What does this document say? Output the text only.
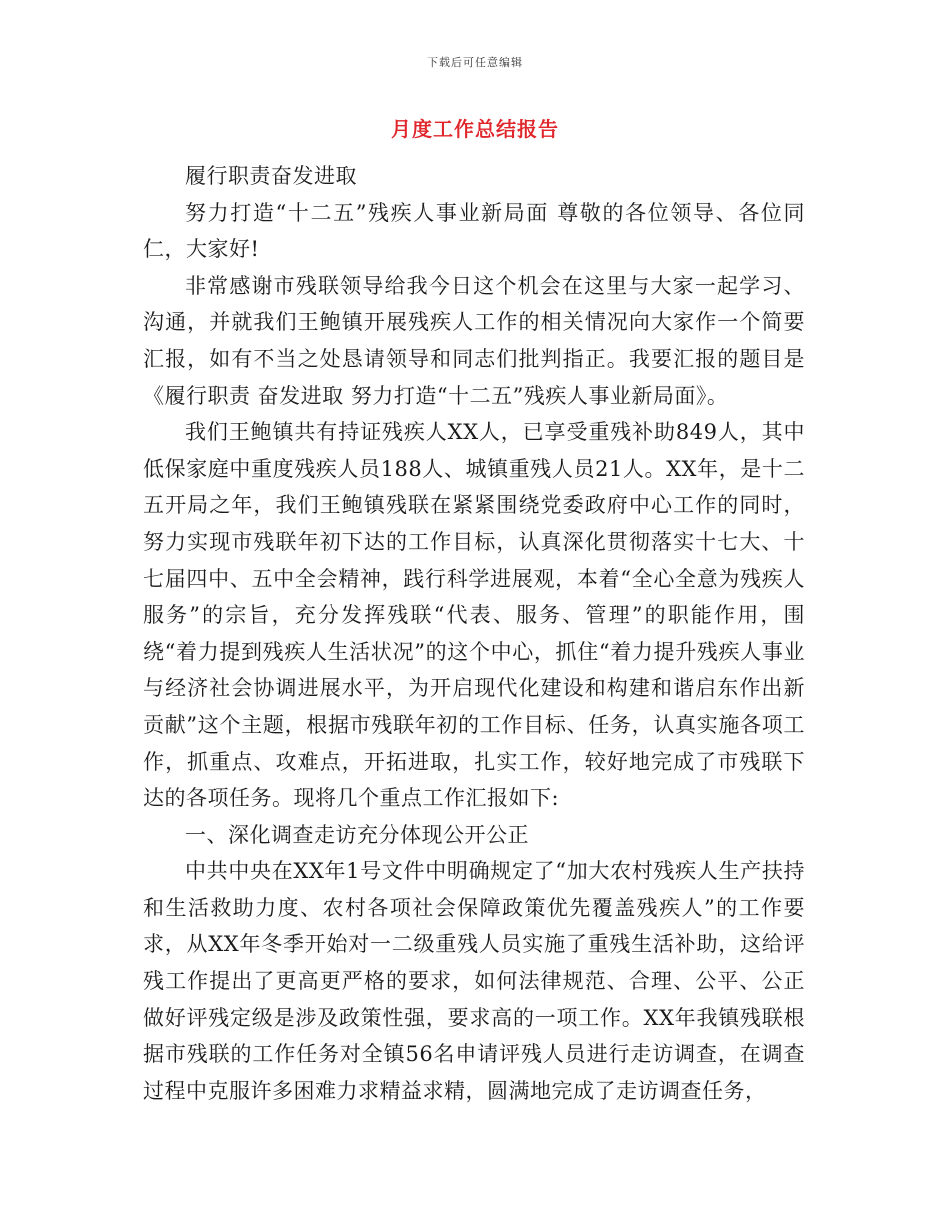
下载后可任意编辑
月度工作总结报告

履行职责奋发进取

努力打造“十二五”残疾人事业新局面 尊敬的各位领导、各位同仁，大家好!

非常感谢市残联领导给我今日这个机会在这里与大家一起学习、沟通，并就我们王鲍镇开展残疾人工作的相关情况向大家作一个简要汇报，如有不当之处恳请领导和同志们批判指正。我要汇报的题目是《履行职责 奋发进取 努力打造“十二五”残疾人事业新局面》。

我们王鲍镇共有持证残疾人XX人，已享受重残补助849人，其中低保家庭中重度残疾人员188人、城镇重残人员21人。XX年，是十二五开局之年，我们王鲍镇残联在紧紧围绕党委政府中心工作的同时，努力实现市残联年初下达的工作目标，认真深化贯彻落实十七大、十七届四中、五中全会精神，践行科学进展观，本着“全心全意为残疾人服务”的宗旨，充分发挥残联“代表、服务、管理”的职能作用，围绕“着力提到残疾人生活状况”的这个中心，抓住“着力提升残疾人事业与经济社会协调进展水平，为开启现代化建设和构建和谐启东作出新贡献”这个主题，根据市残联年初的工作目标、任务，认真实施各项工作，抓重点、攻难点，开拓进取，扎实工作，较好地完成了市残联下达的各项任务。现将几个重点工作汇报如下:

一、深化调查走访充分体现公开公正

中共中央在XX年1号文件中明确规定了“加大农村残疾人生产扶持和生活救助力度、农村各项社会保障政策优先覆盖残疾人”的工作要求，从XX年冬季开始对一二级重残人员实施了重残生活补助，这给评残工作提出了更高更严格的要求，如何法律规范、合理、公平、公正做好评残定级是涉及政策性强，要求高的一项工作。XX年我镇残联根据市残联的工作任务对全镇56名申请评残人员进行走访调查，在调查过程中克服许多困难力求精益求精，圆满地完成了走访调查任务，
